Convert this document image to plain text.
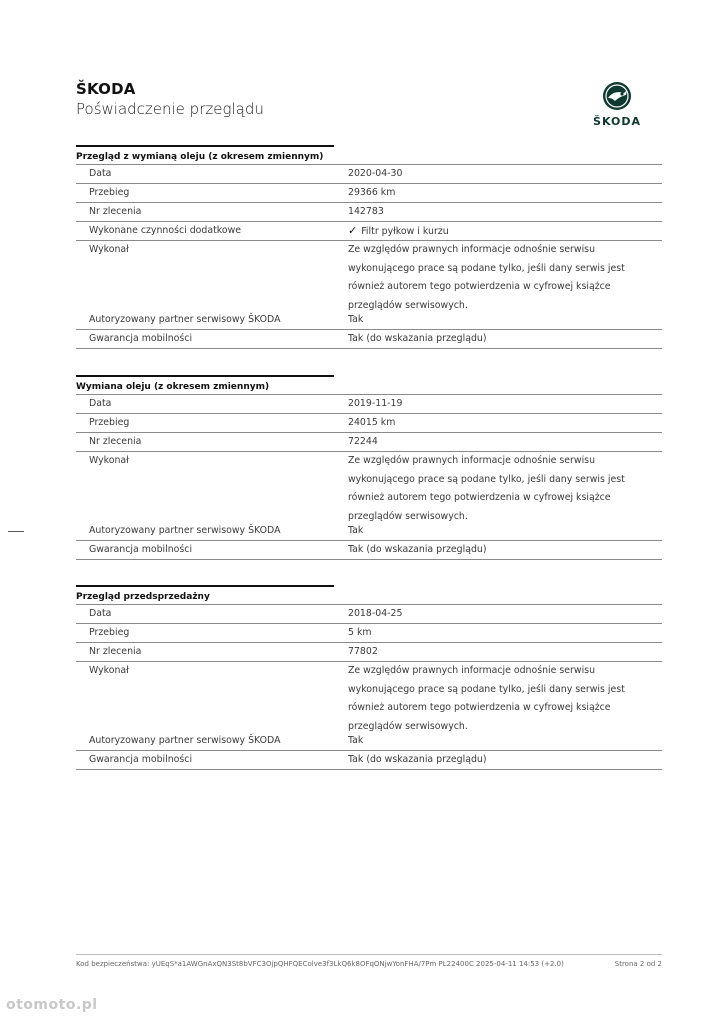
ŠKODA
Poświadczenie przeglądu
ŠKODA
Przegląd z wymianą oleju (z okresem zmiennym)
Data	2020-04-30
Przebieg	29366 km
Nr zlecenia	142783
Wykonane czynności dodatkowe	✓ Filtr pyłkow i kurzu
Wykonał	Ze względów prawnych informacje odnośnie serwisu wykonującego prace są podane tylko, jeśli dany serwis jest również autorem tego potwierdzenia w cyfrowej książce przeglądów serwisowych.
Autoryzowany partner serwisowy ŠKODA	Tak
Gwarancja mobilności	Tak (do wskazania przeglądu)
Wymiana oleju (z okresem zmiennym)
Data	2019-11-19
Przebieg	24015 km
Nr zlecenia	72244
Wykonał	Ze względów prawnych informacje odnośnie serwisu wykonującego prace są podane tylko, jeśli dany serwis jest również autorem tego potwierdzenia w cyfrowej książce przeglądów serwisowych.
Autoryzowany partner serwisowy ŠKODA	Tak
Gwarancja mobilności	Tak (do wskazania przeglądu)
Przegląd przedsprzedażny
Data	2018-04-25
Przebieg	5 km
Nr zlecenia	77802
Wykonał	Ze względów prawnych informacje odnośnie serwisu wykonującego prace są podane tylko, jeśli dany serwis jest również autorem tego potwierdzenia w cyfrowej książce przeglądów serwisowych.
Autoryzowany partner serwisowy ŠKODA	Tak
Gwarancja mobilności	Tak (do wskazania przeglądu)
Kod bezpieczeństwa: yUEqS*a1AWGnAxQN3St8bVFC3OjpQHFQEColve3f3LkQ6k8OFqONjwYonFHA/7Pm PL22400C 2025-04-11 14:53 (+2.0)	Strona 2 od 2
otomoto.pl
